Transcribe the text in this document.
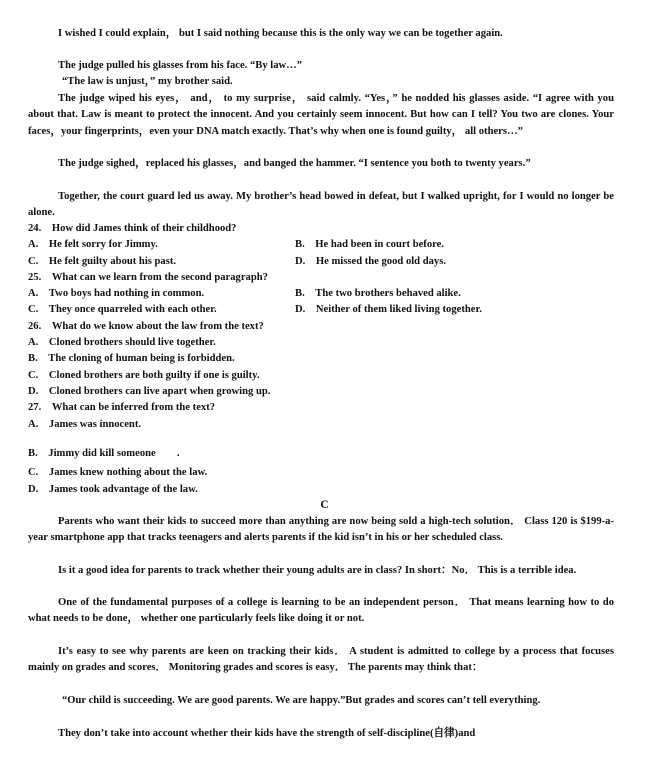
I wished I could explain， but I said nothing because this is the only way we can be together again.

The judge pulled his glasses from his face. “By law…”

“The law is unjust，” my brother said.

The judge wiped his eyes， and， to my surprise， said calmly. “Yes，” he nodded his glasses aside. “I agree with you about that. Law is meant to protect the innocent. And you certainly seem innocent. But how can I tell? You two are clones. Your faces，your fingerprints，even your DNA match exactly. That’s why when one is found guilty， all others…”

The judge sighed，replaced his glasses，and banged the hammer. “I sentence you both to twenty years.”

Together, the court guard led us away. My brother’s head bowed in defeat, but I walked upright, for I would no longer be alone.

24.　How did James think of their childhood?
A.　He felt sorry for Jimmy.	B.　He had been in court before.
C.　He felt guilty about his past.	D.　He missed the good old days.
25.　What can we learn from the second paragraph?
A.　Two boys had nothing in common.	B.　The two brothers behaved alike.
C.　They once quarreled with each other.	D.　Neither of them liked living together.
26.　What do we know about the law from the text?
A.　Cloned brothers should live together.
B.　The cloning of human being is forbidden.
C.　Cloned brothers are both guilty if one is guilty.
D.　Cloned brothers can live apart when growing up.
27.　What can be inferred from the text?
A.　James was innocent.
B.　Jimmy did kill someone　　.
C.　James knew nothing about the law.
D.　James took advantage of the law.
C

Parents who want their kids to succeed more than anything are now being sold a high-tech solution． Class 120 is $199-a-year smartphone app that tracks teenagers and alerts parents if the kid isn’t in his or her scheduled class.

Is it a good idea for parents to track whether their young adults are in class? In short：No． This is a terrible idea.

One of the fundamental purposes of a college is learning to be an independent person． That means learning how to do what needs to be done， whether one particularly feels like doing it or not.

It’s easy to see why parents are keen on tracking their kids． A student is admitted to college by a process that focuses mainly on grades and scores． Monitoring grades and scores is easy． The parents may think that：

“Our child is succeeding. We are good parents. We are happy.”But grades and scores can’t tell everything.

They don’t take into account whether their kids have the strength of self-discipline(自律)and
